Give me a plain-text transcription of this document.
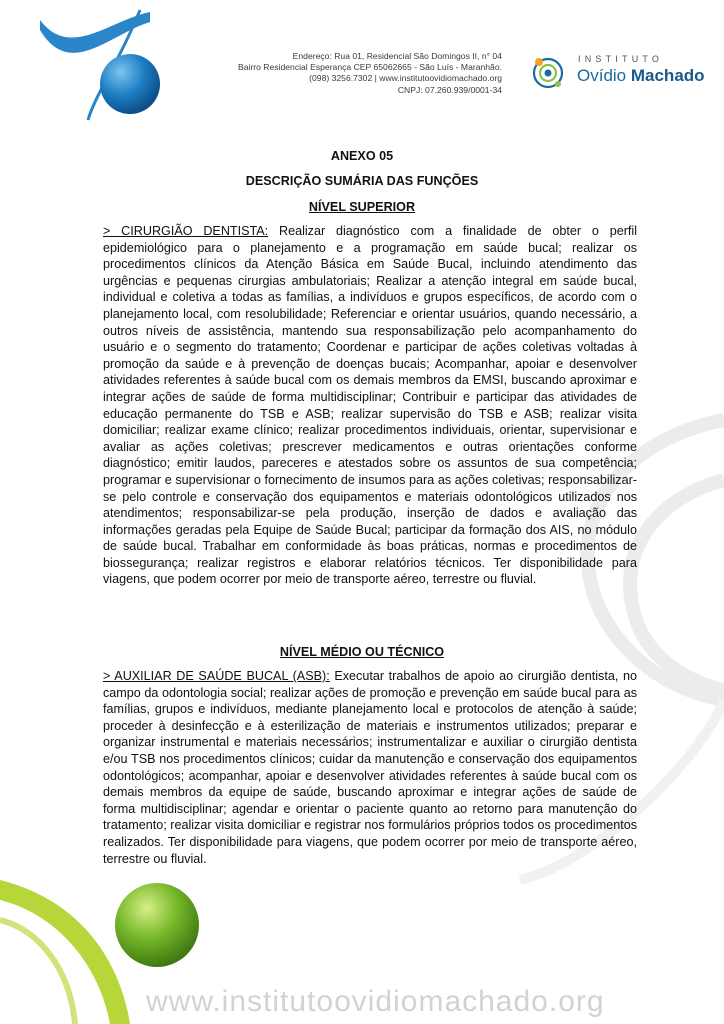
Endereço: Rua 01, Residencial São Domingos II, n° 04
Bairro Residencial Esperança CEP 65062665 - São Luís - Maranhão.
(098) 3256.7302 | www.institutoovidiomachado.org
CNPJ: 07.260.939/0001-34
INSTITUTO
Ovídio Machado
ANEXO 05
DESCRIÇÃO SUMÁRIA DAS FUNÇÕES
NÍVEL SUPERIOR
> CIRURGIÃO DENTISTA: Realizar diagnóstico com a finalidade de obter o perfil epidemiológico para o planejamento e a programação em saúde bucal; realizar os procedimentos clínicos da Atenção Básica em Saúde Bucal, incluindo atendimento das urgências e pequenas cirurgias ambulatoriais; Realizar a atenção integral em saúde bucal, individual e coletiva a todas as famílias, a indivíduos e grupos específicos, de acordo com o planejamento local, com resolubilidade; Referenciar e orientar usuários, quando necessário, a outros níveis de assistência, mantendo sua responsabilização pelo acompanhamento do usuário e o segmento do tratamento; Coordenar e participar de ações coletivas voltadas à promoção da saúde e à prevenção de doenças bucais; Acompanhar, apoiar e desenvolver atividades referentes à saúde bucal com os demais membros da EMSI, buscando aproximar e integrar ações de saúde de forma multidisciplinar; Contribuir e participar das atividades de educação permanente do TSB e ASB; realizar supervisão do TSB e ASB; realizar visita domiciliar; realizar exame clínico; realizar procedimentos individuais, orientar, supervisionar e avaliar as ações coletivas; prescrever medicamentos e outras orientações conforme diagnóstico; emitir laudos, pareceres e atestados sobre os assuntos de sua competência; programar e supervisionar o fornecimento de insumos para as ações coletivas; responsabilizar-se pelo controle e conservação dos equipamentos e materiais odontológicos utilizados nos atendimentos; responsabilizar-se pela produção, inserção de dados e avaliação das informações geradas pela Equipe de Saúde Bucal; participar da formação dos AIS, no módulo de saúde bucal. Trabalhar em conformidade às boas práticas, normas e procedimentos de biossegurança; realizar registros e elaborar relatórios técnicos. Ter disponibilidade para viagens, que podem ocorrer por meio de transporte aéreo, terrestre ou fluvial.
NÍVEL MÉDIO OU TÉCNICO
> AUXILIAR DE SAÚDE BUCAL (ASB): Executar trabalhos de apoio ao cirurgião dentista, no campo da odontologia social; realizar ações de promoção e prevenção em saúde bucal para as famílias, grupos e indivíduos, mediante planejamento local e protocolos de atenção à saúde; proceder à desinfecção e à esterilização de materiais e instrumentos utilizados; preparar e organizar instrumental e materiais necessários; instrumentalizar e auxiliar o cirurgião dentista e/ou TSB nos procedimentos clínicos; cuidar da manutenção e conservação dos equipamentos odontológicos; acompanhar, apoiar e desenvolver atividades referentes à saúde bucal com os demais membros da equipe de saúde, buscando aproximar e integrar ações de saúde de forma multidisciplinar; agendar e orientar o paciente quanto ao retorno para manutenção do tratamento; realizar visita domiciliar e registrar nos formulários próprios todos os procedimentos realizados. Ter disponibilidade para viagens, que podem ocorrer por meio de transporte aéreo, terrestre ou fluvial.
www.institutoovidiomachado.org
